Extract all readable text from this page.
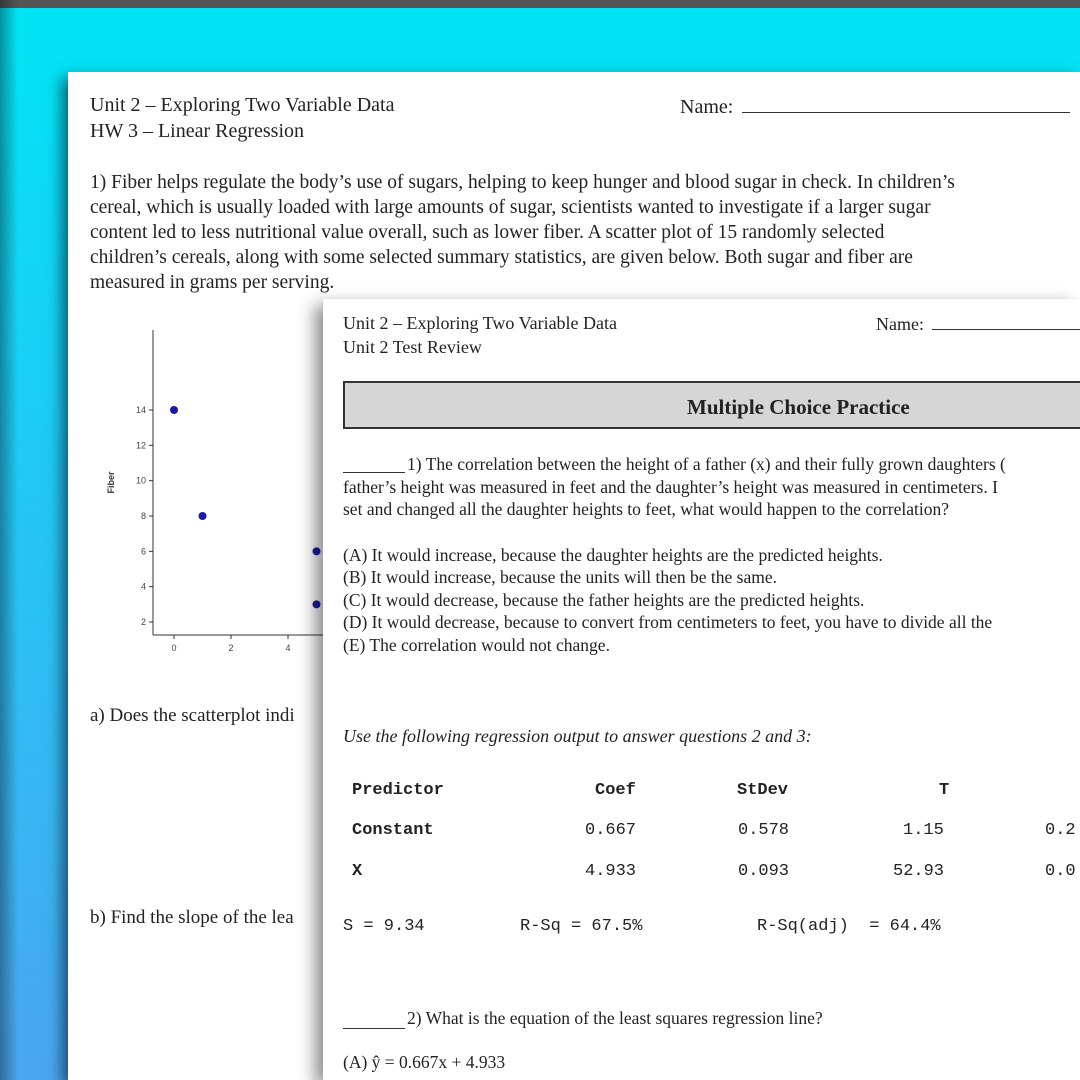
Unit 2 – Exploring Two Variable Data
HW 3 – Linear Regression
Name:
1) Fiber helps regulate the body’s use of sugars, helping to keep hunger and blood sugar in check. In children’s
cereal, which is usually loaded with large amounts of sugar, scientists wanted to investigate if a larger sugar
content led to less nutritional value overall, such as lower fiber. A scatter plot of 15 randomly selected
children’s cereals, along with some selected summary statistics, are given below. Both sugar and fiber are
measured in grams per serving.
2
4
6
8
10
12
14
0	2	4
Fiber
a) Does the scatterplot indi
b) Find the slope of the lea
Unit 2 – Exploring Two Variable Data
Unit 2 Test Review
Name:
Multiple Choice Practice
1) The correlation between the height of a father (x) and their fully grown daughters (
father’s height was measured in feet and the daughter’s height was measured in centimeters. I
set and changed all the daughter heights to feet, what would happen to the correlation?
(A) It would increase, because the daughter heights are the predicted heights.
(B) It would increase, because the units will then be the same.
(C) It would decrease, because the father heights are the predicted heights.
(D) It would decrease, because to convert from centimeters to feet, you have to divide all the
(E) The correlation would not change.
Use the following regression output to answer questions 2 and 3:
Predictor	Coef	StDev	T
Constant	0.667	0.578	1.15	0.2
X	4.933	0.093	52.93	0.0
S = 9.34	R-Sq = 67.5%	R-Sq(adj)  = 64.4%
2) What is the equation of the least squares regression line?
(A) ŷ = 0.667x + 4.933
